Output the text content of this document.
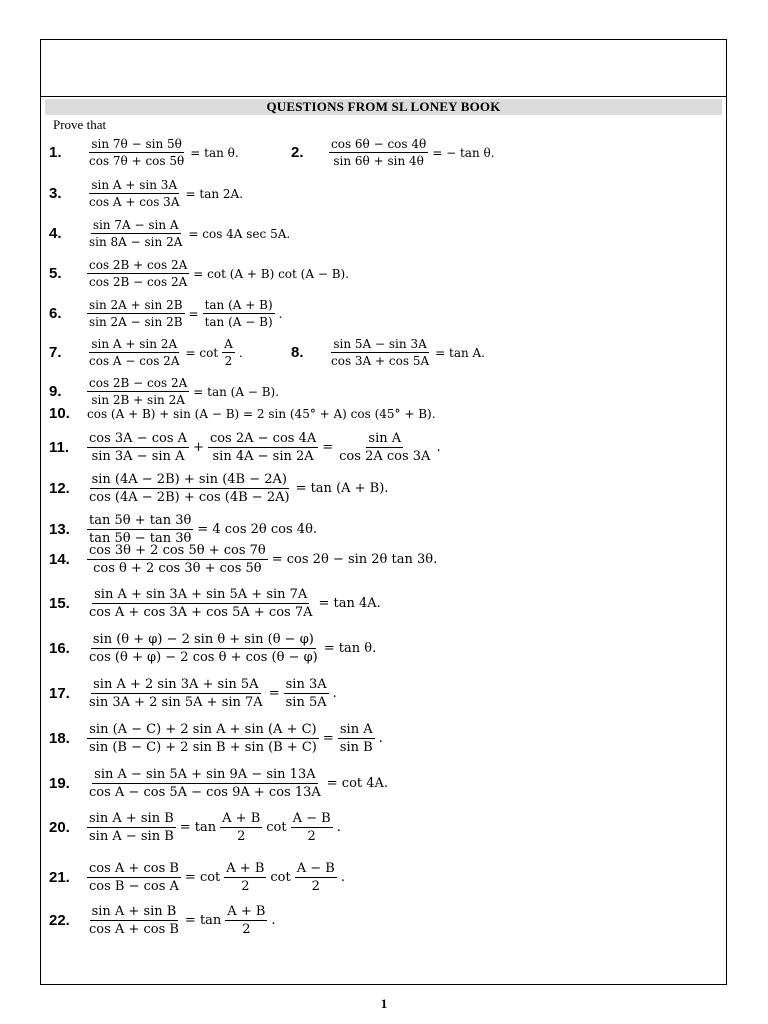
QUESTIONS FROM SL LONEY BOOK
Prove that
1.	$\frac{\sin 7\theta - \sin 5\theta}{\cos 7\theta + \cos 5\theta} = \tan \theta$.	2.	$\frac{\cos 6\theta - \cos 4\theta}{\sin 6\theta + \sin 4\theta}$ = − tan θ.
3.	$\frac{\text{sin A + sin 3A}}{\text{cos A + cos 3A}} = \tan 2A$.
4.	$\frac{\text{sin 7A − sin A}}{\sin 8A - \sin 2A} = \cos 4A$ sec 5A.
5.	$\frac{\cos 2B + \cos 2A}{\cos 2B - \cos 2A} = \cot (A + B)$ cot (A − B).
6.	$\frac{\sin 2A + \sin 2B}{\sin 2A - \sin 2B} = \frac{\tan (A + B)}{\tan (A - B)}$ .
7.	$\frac{\text{sin A + sin 2A}}{\text{cos A − cos 2A}} = \cot \frac{A}{2}$ .	8.	$\frac{\sin 5A - \sin 3A}{\cos 3A + \cos 5A} = \tan A$.
9.	$\frac{\cos 2B - \cos 2A}{\sin 2B + \sin 2A} = \tan (A - B)$.
10.	cos (A + B) + sin (A − B) = 2 sin (45° + A) cos (45° + B).
11.	$\frac{\text{cos 3A − cos A}}{\text{sin 3A − sin A}} + \frac{\cos 2A - \cos 4A}{\sin 4A - \sin 2A} = \frac{\text{sin A}}{\text{cos 2A cos 3A}}$ .
12.	$\frac{\sin (4A - 2B) + \sin (4B - 2A)}{\cos (4A - 2B) + \cos (4B - 2A)} = \tan (A + B)$.
13.	$\frac{\tan 5\theta + \tan 3\theta}{\tan 5\theta - \tan 3\theta} = 4$ cos 2θ cos 4θ.
14.	$\frac{\cos 3\theta + 2 \cos 5\theta + \cos 7\theta}{\text{cos θ + 2 cos 3θ + cos 5θ}} = \cos 2\theta - \sin 2\theta$ tan 3θ.
15.	$\frac{\text{sin A + sin 3A + sin 5A + sin 7A}}{\text{cos A + cos 3A + cos 5A + cos 7A}} = \tan 4A$.
16.	$\frac{\text{sin (θ + φ) − 2 sin θ + sin (θ − φ)}}{\text{cos (θ + φ) − 2 cos θ + cos (θ − φ)}} = \tan \theta$.
17.	$\frac{\text{sin A + 2 sin 3A + sin 5A}}{\sin 3A + 2 \sin 5A + \sin 7A} = \frac{\sin 3A}{\sin 5A}$ .
18.	$\frac{\text{sin (A − C) + 2 sin A + sin (A + C)}}{\text{sin (B − C) + 2 sin B + sin (B + C)}} = \frac{\text{sin A}}{\text{sin B}}$ .
19.	$\frac{\text{sin A − sin 5A + sin 9A − sin 13A}}{\text{cos A − cos 5A − cos 9A + cos 13A}} = \cot 4A$.
20.	$\frac{\text{sin A + sin B}}{\text{sin A − sin B}} = \tan \frac{A + B}{2}$ $\cot \frac{A - B}{2}$ .
21.	$\frac{\text{cos A + cos B}}{\text{cos B − cos A}} = \cot \frac{A + B}{2}$ $\cot \frac{A - B}{2}$ .
22.	$\frac{\text{sin A + sin B}}{\text{cos A + cos B}} = \tan \frac{A + B}{2}$ .
1
